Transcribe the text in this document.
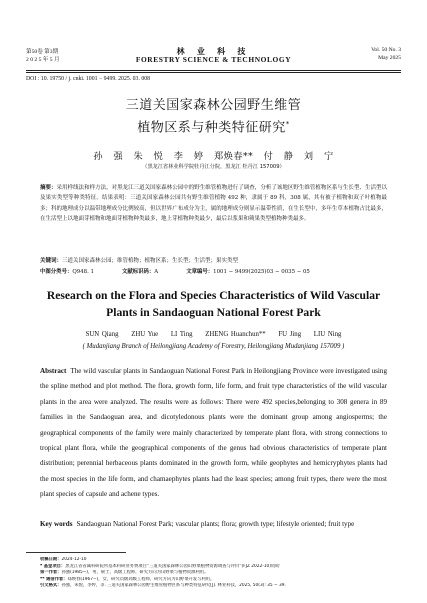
第50卷 第3期
2 0 2 5 年 5 月
林 业 科 技
FORESTRY SCIENCE & TECHNOLOGY
Vol. 50 No. 3
May 2025
DOI : 10. 19750 / j. cnki. 1001 − 9499. 2025. 03. 008
三道关国家森林公园野生维管
植物区系与种类特征研究*
孙 强 朱 悦 李 婷 郑焕春** 付 静 刘 宁
（黑龙江省林业科学院牡丹江分院，黑龙江 牡丹江 157009）
摘要：采用样线法和样方法，对黑龙江三道关国家森林公园中的野生维管植物进行了调查，分析了该地区野生维管植物区系与生长型、生活型以及果实类型等种类特征。结果表明：三道关国家森林公园共有野生维管植物 492 种，隶属于 89 科，308 属，其有被子植物和双子叶植物最多；科的地理成分以温带地理成分比例较高，但以世界广布成分为主，属的地理成分则显示温带性质，在生长型中，多年生草本植物占比最多，在生活型上以地面芽植物和地面芽植物种类最多，地上芽植物种类最少，最后以浆果和蒴果类型植物种类最多。
关键词：三道关国家森林公园；维管植物；植物区系；生长型；生活型；果实类型
中图分类号：Q948. 1	文献标识码：A	文章编号：1001 − 9499(2025)03 − 0035 − 05
Research on the Flora and Species Characteristics of Wild Vascular
Plants in Sandaoguan National Forest Park
SUN Qiang ZHU Yue LI Ting ZHENG Huanchun** FU Jing LIU Ning
( Mudanjiang Branch of Heilongjiang Academy of Forestry, Heilongjiang Mudanjiang 157009 )
Abstract The wild vascular plants in Sandaoguan National Forest Park in Heilongjiang Province were investigated using the spline method and plot method. The flora, growth form, life form, and fruit type characteristics of the wild vascular plants in the area were analyzed. The results were as follows: There were 492 species,belonging to 308 genera in 89 families in the Sandaoguan area, and dicotyledonous plants were the dominant group among angiosperms; the geographical components of the family were mainly characterized by temperate plant flora, with strong connections to tropical plant flora, while the geographical components of the genus had obvious characteristics of temperate plant distribution; perennial herbaceous plants dominated in the growth form, while geophytes and hemicryphytes plants had the most species in the life form, and chamaephytes plants had the least species; among fruit types, there were the most plant species of capsule and achene types.
Key words Sandaoguan National Forest Park; vascular plants; flora; growth type; lifestyle oriented; fruit type
收稿日期：2024-12-10
* 基金项目：黑龙江省省属科研院所基本科研业务费项目“三道关国家森林公园山野菜植物资源调查与评价”(FJZ 2022-10)资助
第一作者：孙强(1985−)，男，硕士，高级工程师，研究方向为山野菜与植物资源利用。
** 通信作者：郑焕春(1967−)，女，研究员级高级工程师，研究方向为山野菜开发与利用。
引文格式：孙强，朱悦，李婷，等. 三道关国家森林公园野生维管植物区系与种类特征研究[J]. 林业科技，2025, 50(3): 35 − 39.
